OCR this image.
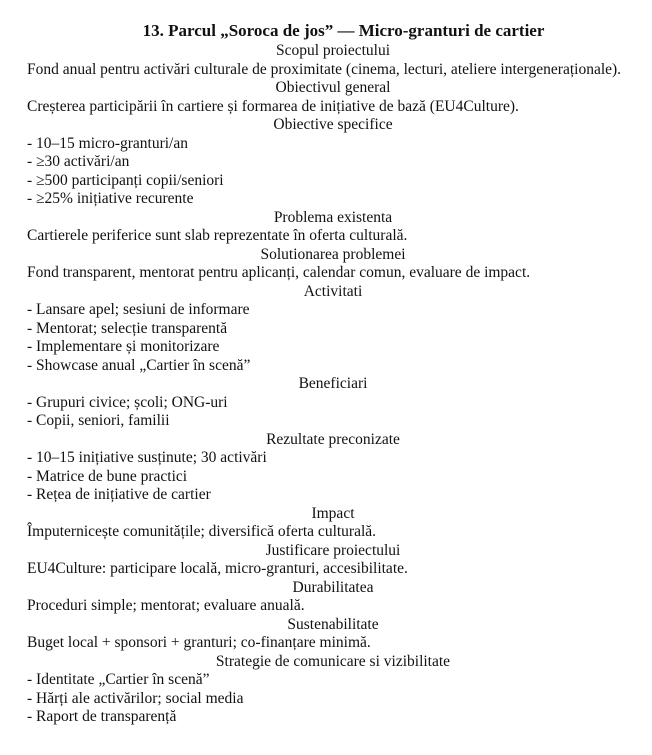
13. Parcul „Soroca de jos” — Micro-granturi de cartier
Scopul proiectului
Fond anual pentru activări culturale de proximitate (cinema, lecturi, ateliere intergeneraționale).
Obiectivul general
Creșterea participării în cartiere și formarea de inițiative de bază (EU4Culture).
Obiective specifice
- 10–15 micro-granturi/an
- ≥30 activări/an
- ≥500 participanți copii/seniori
- ≥25% inițiative recurente
Problema existenta
Cartierele periferice sunt slab reprezentate în oferta culturală.
Solutionarea problemei
Fond transparent, mentorat pentru aplicanți, calendar comun, evaluare de impact.
Activitati
- Lansare apel; sesiuni de informare
- Mentorat; selecție transparentă
- Implementare și monitorizare
- Showcase anual „Cartier în scenă”
Beneficiari
- Grupuri civice; școli; ONG-uri
- Copii, seniori, familii
Rezultate preconizate
- 10–15 inițiative susținute; 30 activări
- Matrice de bune practici
- Rețea de inițiative de cartier
Impact
Împuternicește comunitățile; diversifică oferta culturală.
Justificare proiectului
EU4Culture: participare locală, micro-granturi, accesibilitate.
Durabilitatea
Proceduri simple; mentorat; evaluare anuală.
Sustenabilitate
Buget local + sponsori + granturi; co-finanțare minimă.
Strategie de comunicare si vizibilitate
- Identitate „Cartier în scenă”
- Hărți ale activărilor; social media
- Raport de transparență
